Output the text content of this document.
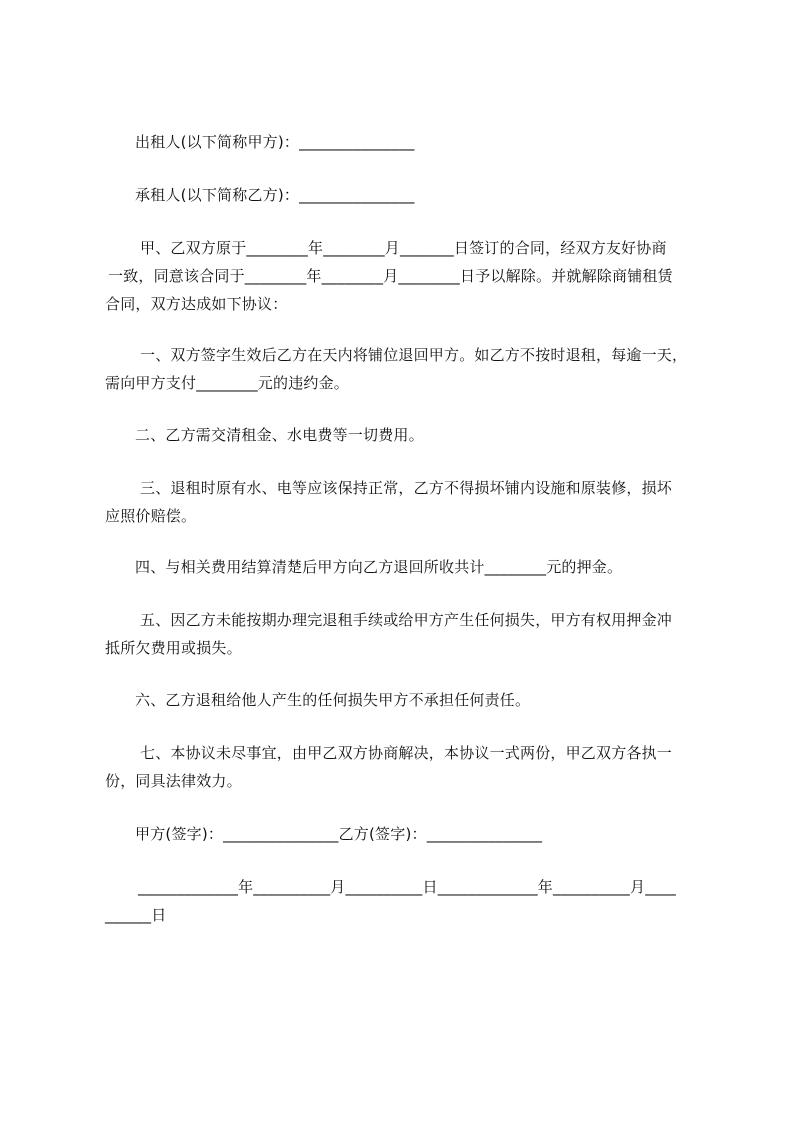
出租人(以下简称甲方)：_______________
承租人(以下简称乙方)：_______________
甲、乙双方原于________年________月_______日签订的合同，经双方友好协商
一致，同意该合同于________年________月________日予以解除。并就解除商铺租赁
合同，双方达成如下协议：
一、双方签字生效后乙方在天内将铺位退回甲方。如乙方不按时退租，每逾一天，
需向甲方支付________元的违约金。
二、乙方需交清租金、水电费等一切费用。
三、退租时原有水、电等应该保持正常，乙方不得损坏铺内设施和原装修，损坏
应照价赔偿。
四、与相关费用结算清楚后甲方向乙方退回所收共计________元的押金。
五、因乙方未能按期办理完退租手续或给甲方产生任何损失，甲方有权用押金冲
抵所欠费用或损失。
六、乙方退租给他人产生的任何损失甲方不承担任何责任。
七、本协议未尽事宜，由甲乙双方协商解决，本协议一式两份，甲乙双方各执一
份，同具法律效力。
甲方(签字)：_______________乙方(签字)：_______________
_____________年__________月__________日_____________年__________月____
______日
